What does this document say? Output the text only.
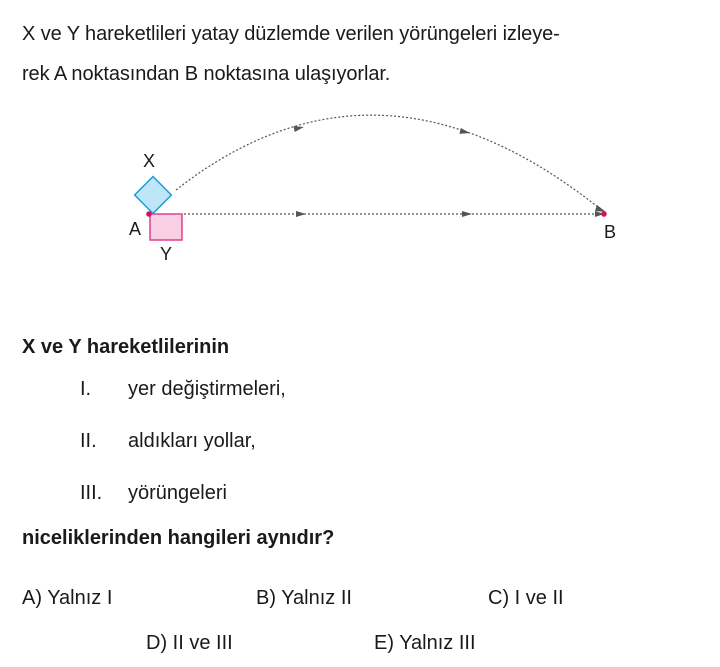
X ve Y hareketlileri yatay düzlemde verilen yörüngeleri izleye-
rek A noktasından B noktasına ulaşıyorlar.
X
A
Y
B
X ve Y hareketlilerinin
I.	yer değiştirmeleri,
II.	aldıkları yollar,
III.	yörüngeleri
niceliklerinden hangileri aynıdır?
A) Yalnız I	B) Yalnız II	C) I ve II
D) II ve III	E) Yalnız III
